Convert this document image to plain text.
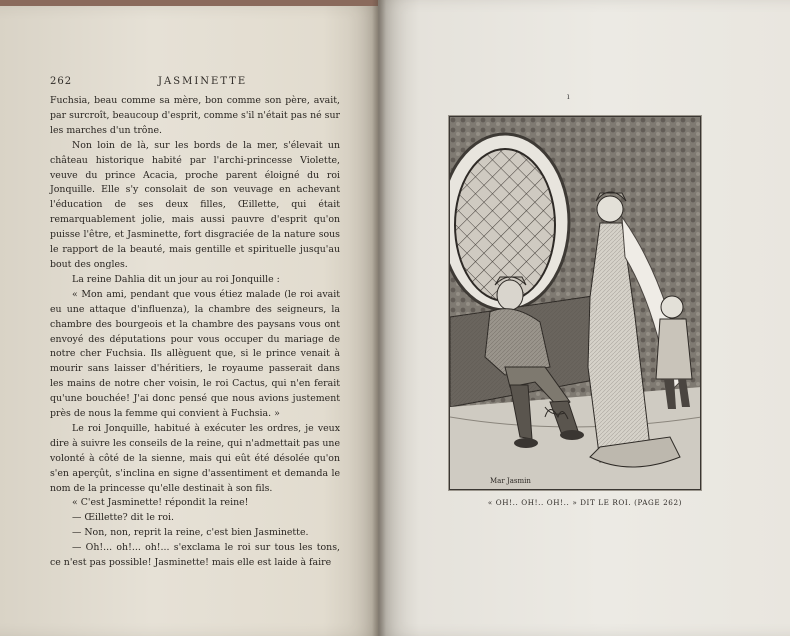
262	JASMINETTE

Fuchsia, beau comme sa mère, bon comme son père, avait, par surcroît, beaucoup d'esprit, comme s'il n'était pas né sur les marches d'un trône.

Non loin de là, sur les bords de la mer, s'élevait un château historique habité par l'archi-princesse Violette, veuve du prince Acacia, proche parent éloigné du roi Jonquille. Elle s'y consolait de son veuvage en achevant l'éducation de ses deux filles, Œillette, qui était remarquablement jolie, mais aussi pauvre d'esprit qu'on puisse l'être, et Jasminette, fort disgraciée de la nature sous le rapport de la beauté, mais gentille et spirituelle jusqu'au bout des ongles.

La reine Dahlia dit un jour au roi Jonquille :

« Mon ami, pendant que vous étiez malade (le roi avait eu une attaque d'influenza), la chambre des seigneurs, la chambre des bourgeois et la chambre des paysans vous ont envoyé des députations pour vous occuper du mariage de notre cher Fuchsia. Ils allèguent que, si le prince venait à mourir sans laisser d'héritiers, le royaume passerait dans les mains de notre cher voisin, le roi Cactus, qui n'en ferait qu'une bouchée! J'ai donc pensé que nous avions justement près de nous la femme qui convient à Fuchsia. »

Le roi Jonquille, habitué à exécuter les ordres, je veux dire à suivre les conseils de la reine, qui n'admettait pas une volonté à côté de la sienne, mais qui eût été désolée qu'on s'en aperçût, s'inclina en signe d'assentiment et demanda le nom de la princesse qu'elle destinait à son fils.

« C'est Jasminette! répondit la reine!

— Œillette? dit le roi.

— Non, non, reprit la reine, c'est bien Jasminette.

— Oh!... oh!... oh!... s'exclama le roi sur tous les tons, ce n'est pas possible! Jasminette! mais elle est laide à faire

ı
Mar Jasmin
« OH!.. OH!.. OH!.. » DIT LE ROI. (PAGE 262)
